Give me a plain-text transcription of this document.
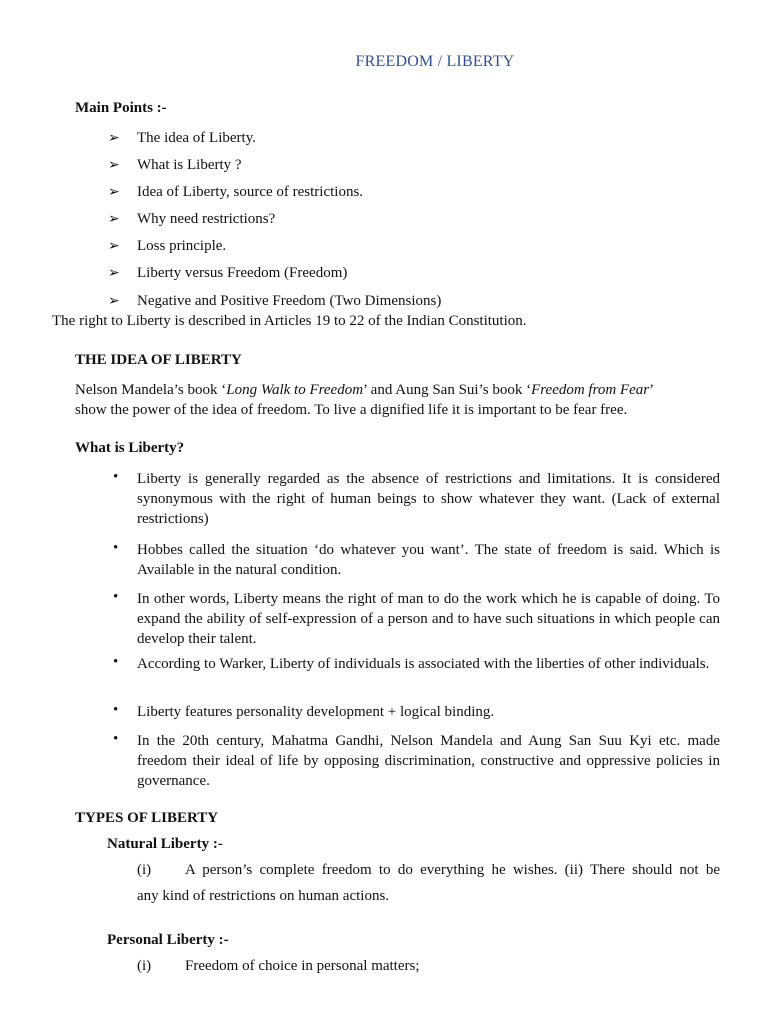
FREEDOM / LIBERTY
Main Points :-
➢ The idea of Liberty.
➢ What is Liberty ?
➢ Idea of Liberty, source of restrictions.
➢ Why need restrictions?
➢ Loss principle.
➢ Liberty versus Freedom (Freedom)
➢ Negative and Positive Freedom (Two Dimensions)
The right to Liberty is described in Articles 19 to 22 of the Indian Constitution.
THE IDEA OF LIBERTY
Nelson Mandela’s book ‘Long Walk to Freedom’ and Aung San Sui’s book ‘Freedom from Fear’
show the power of the idea of freedom. To live a dignified life it is important to be fear free.
What is Liberty?
• Liberty is generally regarded as the absence of restrictions and limitations. It is considered synonymous with the right of human beings to show whatever they want. (Lack of external restrictions)
• Hobbes called the situation ‘do whatever you want’. The state of freedom is said. Which is Available in the natural condition.
• In other words, Liberty means the right of man to do the work which he is capable of doing. To expand the ability of self-expression of a person and to have such situations in which people can develop their talent.
• According to Warker, Liberty of individuals is associated with the liberties of other individuals.
• Liberty features personality development + logical binding.
• In the 20th century, Mahatma Gandhi, Nelson Mandela and Aung San Suu Kyi etc. made freedom their ideal of life by opposing discrimination, constructive and oppressive policies in governance.
TYPES OF LIBERTY
Natural Liberty :-
(i) A person’s complete freedom to do everything he wishes. (ii) There should not be
any kind of restrictions on human actions.
Personal Liberty :-
(i) Freedom of choice in personal matters;
